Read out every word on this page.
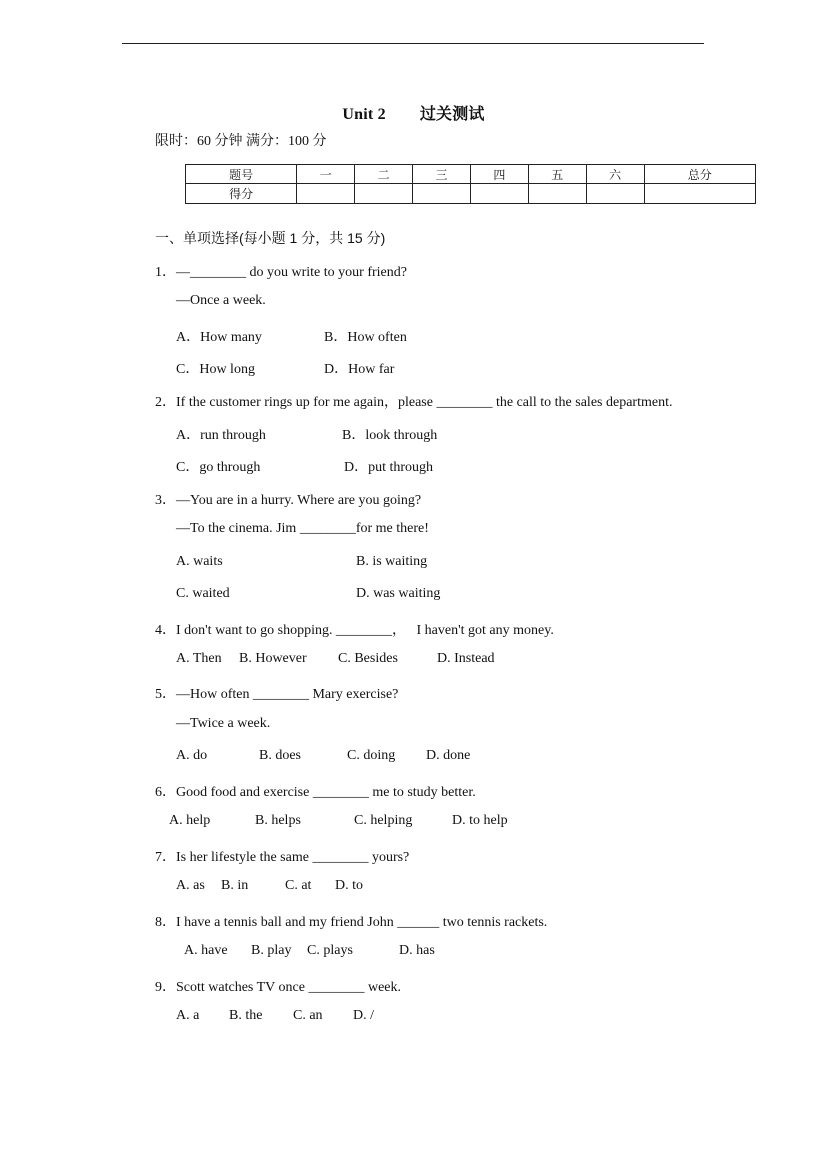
Unit 2 过关测试
限时：60 分钟 满分：100 分
题号	一	二	三	四	五	六	总分
得分							
一、单项选择(每小题 1 分，共 15 分)
1．—________ do you write to your friend?
—Once a week.
A．How many	B．How often
C．How long	D．How far
2．If the customer rings up for me again，please ________ the call to the sales department.
A．run through	B．look through
C．go through	D．put through
3．—You are in a hurry. Where are you going?
—To the cinema. Jim ________for me there!
A. waits	B. is waiting
C. waited	D. was waiting
4．I don't want to go shopping. ________，   I haven't got any money.
A. Then B. However C. Besides	D. Instead
5．—How often ________ Mary exercise?
—Twice a week.
A. do	B. does	C. doing D. done
6．Good food and exercise ________ me to study better.
A. help	B. helps	C. helping	D. to help
7．Is her lifestyle the same ________ yours?
A. as B. in	C. at D. to
8．I have a tennis ball and my friend John ______ two tennis rackets.
A. have B. play C. plays	D. has
9．Scott watches TV once ________ week.
A. a B. the C. an D. /
